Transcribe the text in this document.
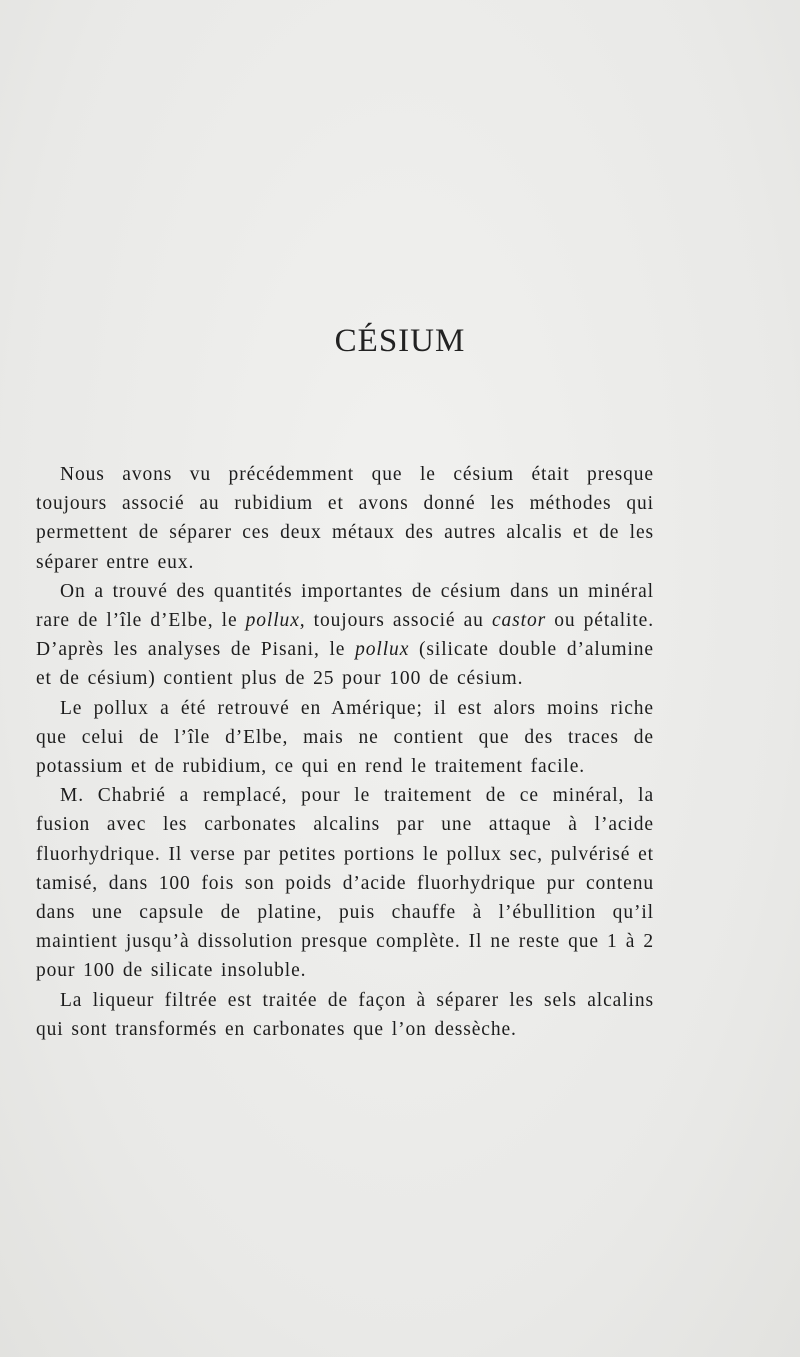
CÉSIUM

Nous avons vu précédemment que le césium était presque toujours associé au rubidium et avons donné les méthodes qui permettent de séparer ces deux métaux des autres alcalis et de les séparer entre eux.

On a trouvé des quantités importantes de césium dans un minéral rare de l’île d’Elbe, le pollux, toujours associé au castor ou pétalite. D’après les analyses de Pisani, le pollux (silicate double d’alumine et de césium) contient plus de 25 pour 100 de césium.

Le pollux a été retrouvé en Amérique; il est alors moins riche que celui de l’île d’Elbe, mais ne contient que des traces de potassium et de rubidium, ce qui en rend le traitement facile.

M. Chabrié a remplacé, pour le traitement de ce minéral, la fusion avec les carbonates alcalins par une attaque à l’acide fluorhydrique. Il verse par petites portions le pollux sec, pulvérisé et tamisé, dans 100 fois son poids d’acide fluorhydrique pur contenu dans une capsule de platine, puis chauffe à l’ébullition qu’il maintient jusqu’à dissolution presque complète. Il ne reste que 1 à 2 pour 100 de silicate insoluble.

La liqueur filtrée est traitée de façon à séparer les sels alcalins qui sont transformés en carbonates que l’on dessèche.
